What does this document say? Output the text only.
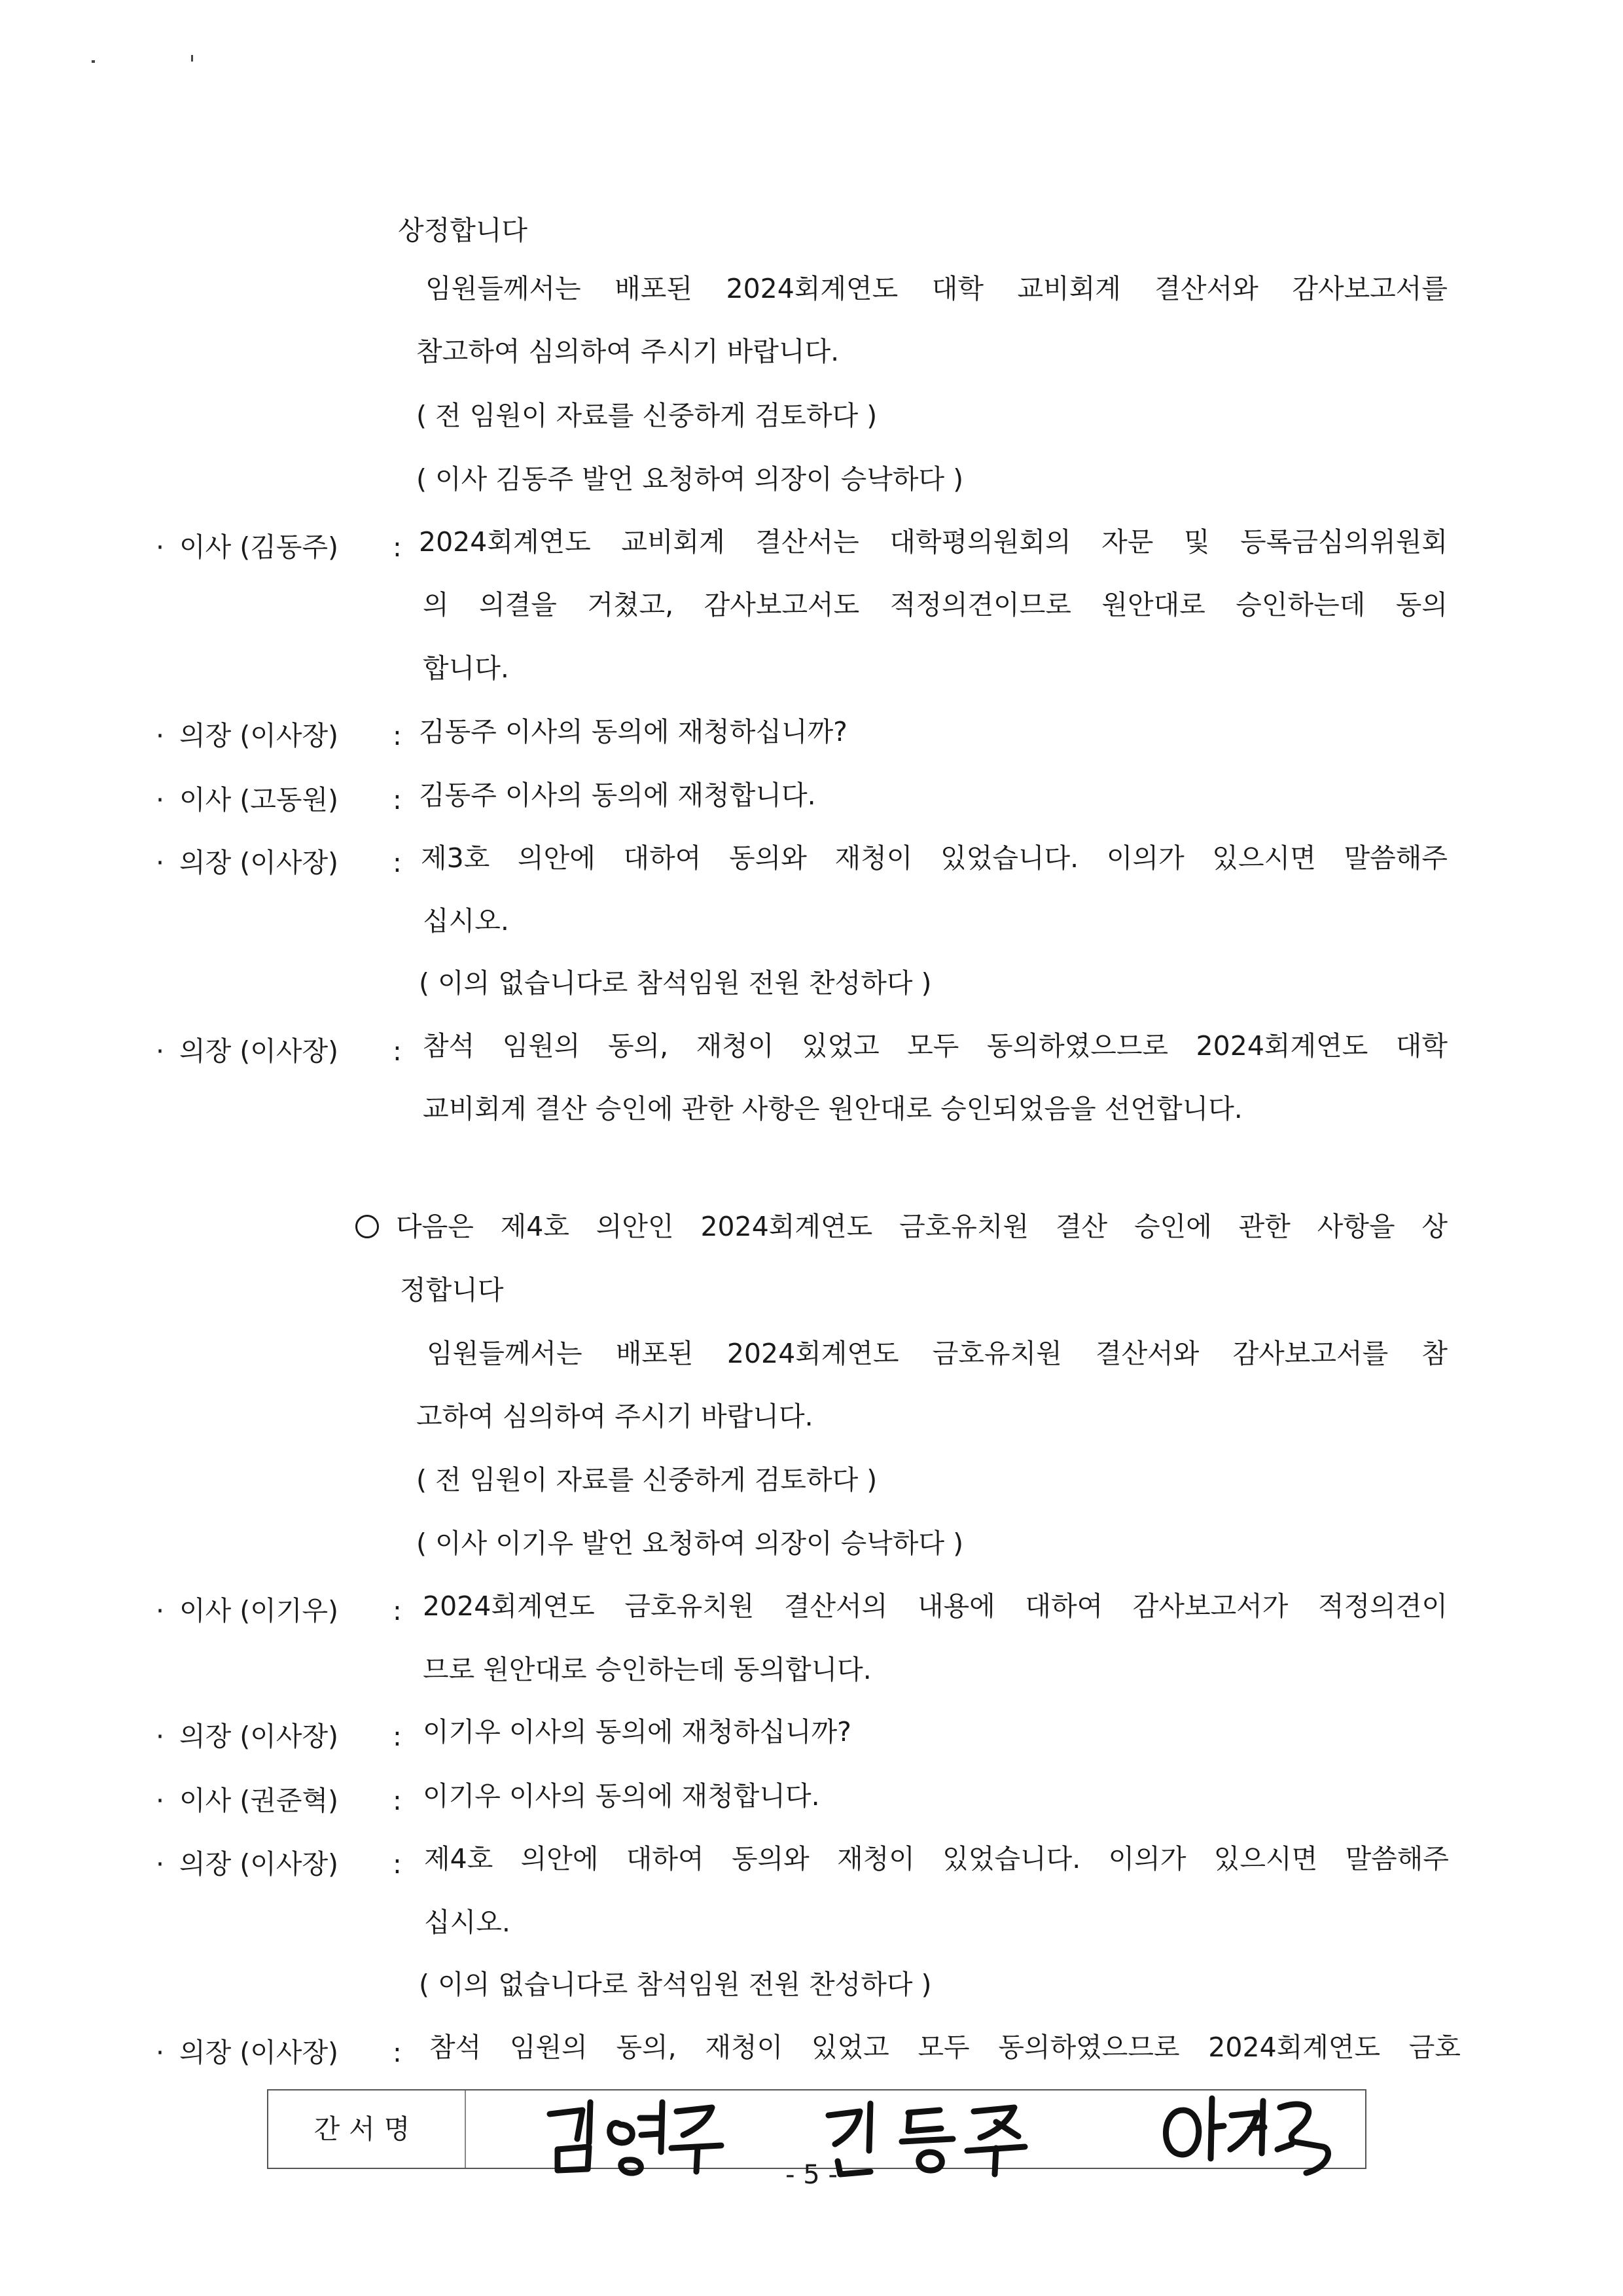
상정합니다
임원들께서는 배포된 2024회계연도 대학 교비회계 결산서와 감사보고서를
참고하여 심의하여 주시기 바랍니다.
( 전 임원이 자료를 신중하게 검토하다 )
( 이사 김동주 발언 요청하여 의장이 승낙하다 )
· 이사 (김동주) : 2024회계연도 교비회계 결산서는 대학평의원회의 자문 및 등록금심의위원회
의 의결을 거쳤고, 감사보고서도 적정의견이므로 원안대로 승인하는데 동의
합니다.
· 의장 (이사장) : 김동주 이사의 동의에 재청하십니까?
· 이사 (고동원) : 김동주 이사의 동의에 재청합니다.
· 의장 (이사장) : 제3호 의안에 대하여 동의와 재청이 있었습니다. 이의가 있으시면 말씀해주
십시오.
( 이의 없습니다로 참석임원 전원 찬성하다 )
· 의장 (이사장) : 참석 임원의 동의, 재청이 있었고 모두 동의하였으므로 2024회계연도 대학
교비회계 결산 승인에 관한 사항은 원안대로 승인되었음을 선언합니다.
다음은 제4호 의안인 2024회계연도 금호유치원 결산 승인에 관한 사항을 상
정합니다
임원들께서는 배포된 2024회계연도 금호유치원 결산서와 감사보고서를 참
고하여 심의하여 주시기 바랍니다.
( 전 임원이 자료를 신중하게 검토하다 )
( 이사 이기우 발언 요청하여 의장이 승낙하다 )
· 이사 (이기우) : 2024회계연도 금호유치원 결산서의 내용에 대하여 감사보고서가 적정의견이
므로 원안대로 승인하는데 동의합니다.
· 의장 (이사장) : 이기우 이사의 동의에 재청하십니까?
· 이사 (권준혁) : 이기우 이사의 동의에 재청합니다.
· 의장 (이사장) : 제4호 의안에 대하여 동의와 재청이 있었습니다. 이의가 있으시면 말씀해주
십시오.
( 이의 없습니다로 참석임원 전원 찬성하다 )
· 의장 (이사장) : 참석 임원의 동의, 재청이 있었고 모두 동의하였으므로 2024회계연도 금호
간서명
- 5 -
